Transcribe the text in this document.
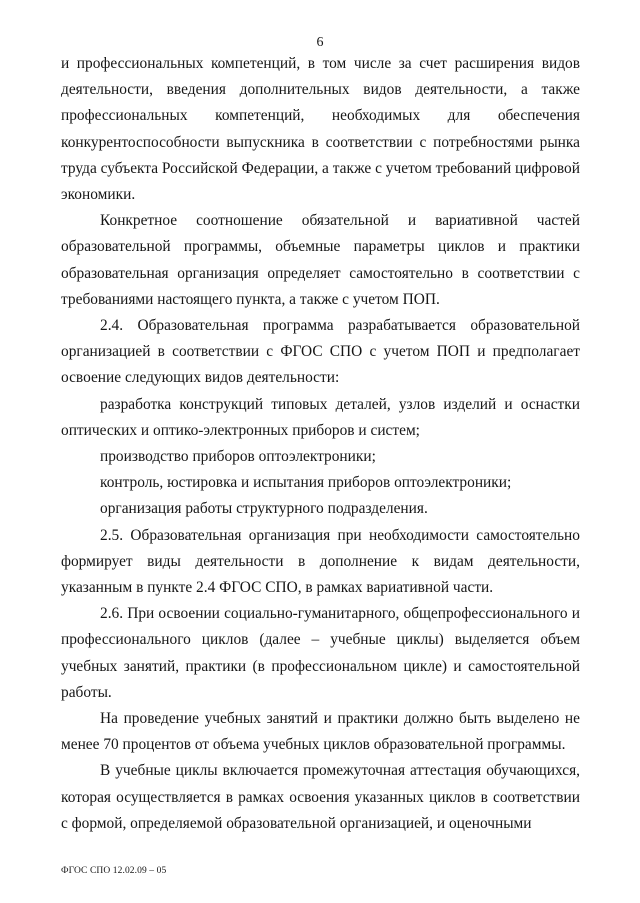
6

и профессиональных компетенций, в том числе за счет расширения видов деятельности, введения дополнительных видов деятельности, а также профессиональных компетенций, необходимых для обеспечения конкурентоспособности выпускника в соответствии с потребностями рынка труда субъекта Российской Федерации, а также с учетом требований цифровой экономики.

Конкретное соотношение обязательной и вариативной частей образовательной программы, объемные параметры циклов и практики образовательная организация определяет самостоятельно в соответствии с требованиями настоящего пункта, а также с учетом ПОП.

2.4. Образовательная программа разрабатывается образовательной организацией в соответствии с ФГОС СПО с учетом ПОП и предполагает освоение следующих видов деятельности:

разработка конструкций типовых деталей, узлов изделий и оснастки оптических и оптико-электронных приборов и систем;

производство приборов оптоэлектроники;

контроль, юстировка и испытания приборов оптоэлектроники;

организация работы структурного подразделения.

2.5. Образовательная организация при необходимости самостоятельно формирует виды деятельности в дополнение к видам деятельности, указанным в пункте 2.4 ФГОС СПО, в рамках вариативной части.

2.6. При освоении социально-гуманитарного, общепрофессионального и профессионального циклов (далее – учебные циклы) выделяется объем учебных занятий, практики (в профессиональном цикле) и самостоятельной работы.

На проведение учебных занятий и практики должно быть выделено не менее 70 процентов от объема учебных циклов образовательной программы.

В учебные циклы включается промежуточная аттестация обучающихся, которая осуществляется в рамках освоения указанных циклов в соответствии с формой, определяемой образовательной организацией, и оценочными

ФГОС СПО 12.02.09 – 05
